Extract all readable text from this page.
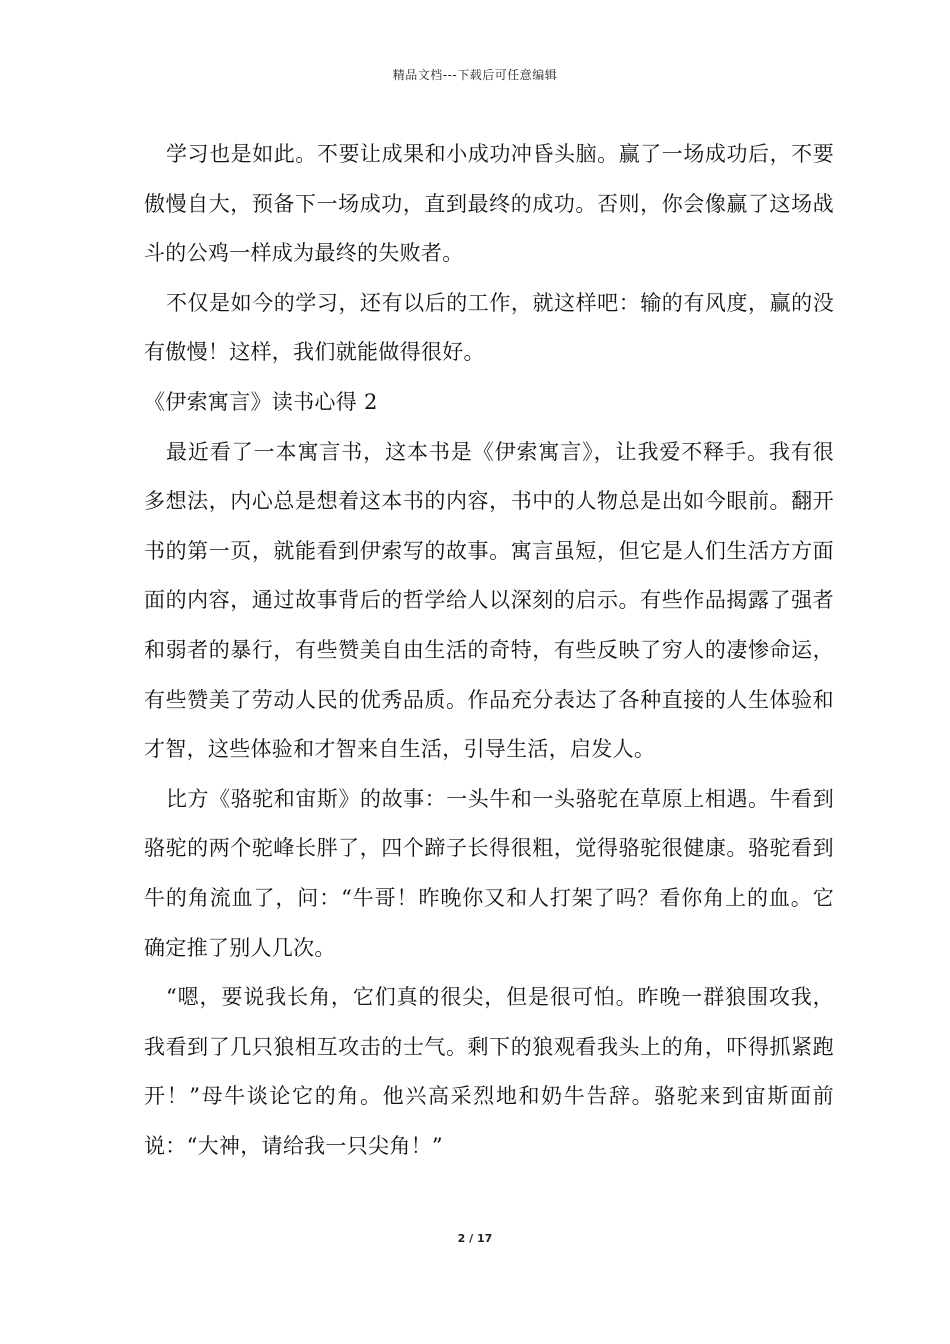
精品文档---下载后可任意编辑

学习也是如此。不要让成果和小成功冲昏头脑。赢了一场成功后，不要傲慢自大，预备下一场成功，直到最终的成功。否则，你会像赢了这场战斗的公鸡一样成为最终的失败者。

不仅是如今的学习，还有以后的工作，就这样吧：输的有风度，赢的没有傲慢！这样，我们就能做得很好。

《伊索寓言》读书心得 2

最近看了一本寓言书，这本书是《伊索寓言》，让我爱不释手。我有很多想法，内心总是想着这本书的内容，书中的人物总是出如今眼前。翻开书的第一页，就能看到伊索写的故事。寓言虽短，但它是人们生活方方面面的内容，通过故事背后的哲学给人以深刻的启示。有些作品揭露了强者和弱者的暴行，有些赞美自由生活的奇特，有些反映了穷人的凄惨命运，有些赞美了劳动人民的优秀品质。作品充分表达了各种直接的人生体验和才智，这些体验和才智来自生活，引导生活，启发人。

比方《骆驼和宙斯》的故事：一头牛和一头骆驼在草原上相遇。牛看到骆驼的两个驼峰长胖了，四个蹄子长得很粗，觉得骆驼很健康。骆驼看到牛的角流血了，问：“牛哥！昨晚你又和人打架了吗？看你角上的血。它确定推了别人几次。

“嗯，要说我长角，它们真的很尖，但是很可怕。昨晚一群狼围攻我，我看到了几只狼相互攻击的士气。剩下的狼观看我头上的角，吓得抓紧跑开！”母牛谈论它的角。他兴高采烈地和奶牛告辞。骆驼来到宙斯面前说：“大神，请给我一只尖角！”

2 / 17
